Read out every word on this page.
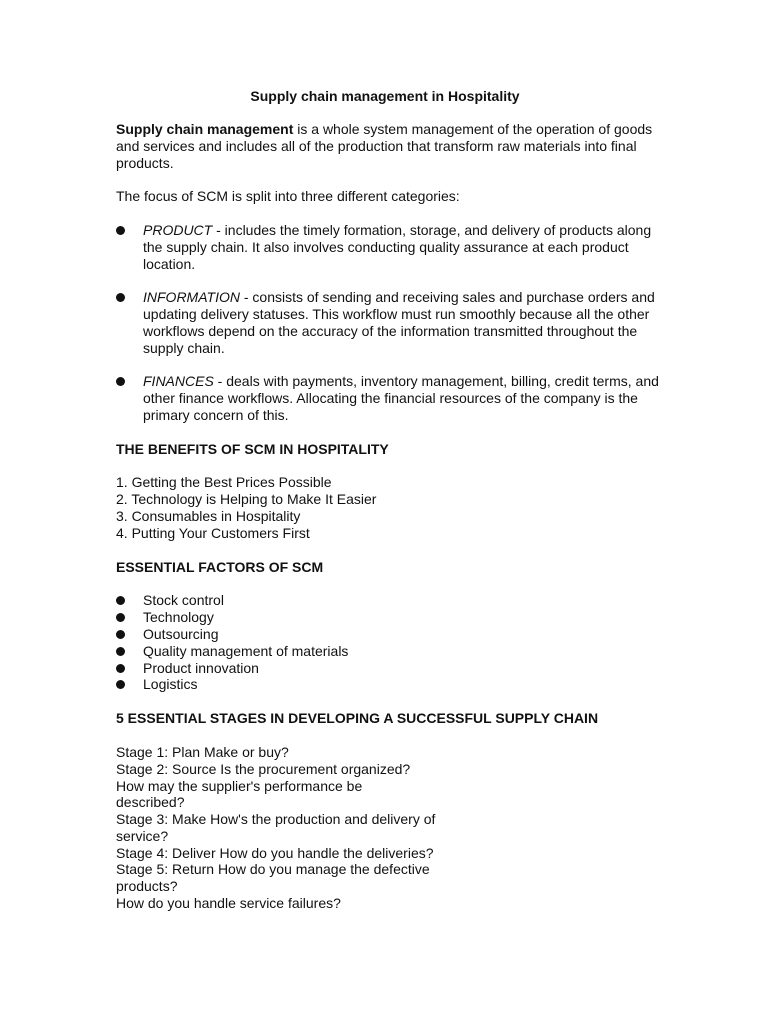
Supply chain management in Hospitality

Supply chain management is a whole system management of the operation of goods and services and includes all of the production that transform raw materials into final products.

The focus of SCM is split into three different categories:

PRODUCT - includes the timely formation, storage, and delivery of products along the supply chain. It also involves conducting quality assurance at each product location.
INFORMATION - consists of sending and receiving sales and purchase orders and updating delivery statuses. This workflow must run smoothly because all the other workflows depend on the accuracy of the information transmitted throughout the supply chain.
FINANCES - deals with payments, inventory management, billing, credit terms, and other finance workflows. Allocating the financial resources of the company is the primary concern of this.

THE BENEFITS OF SCM IN HOSPITALITY

1. Getting the Best Prices Possible
2. Technology is Helping to Make It Easier
3. Consumables in Hospitality
4. Putting Your Customers First

ESSENTIAL FACTORS OF SCM

Stock control
Technology
Outsourcing
Quality management of materials
Product innovation
Logistics

5 ESSENTIAL STAGES IN DEVELOPING A SUCCESSFUL SUPPLY CHAIN

Stage 1: Plan Make or buy?
Stage 2: Source Is the procurement organized?
How may the supplier's performance be
described?
Stage 3: Make How's the production and delivery of
service?
Stage 4: Deliver How do you handle the deliveries?
Stage 5: Return How do you manage the defective
products?
How do you handle service failures?
